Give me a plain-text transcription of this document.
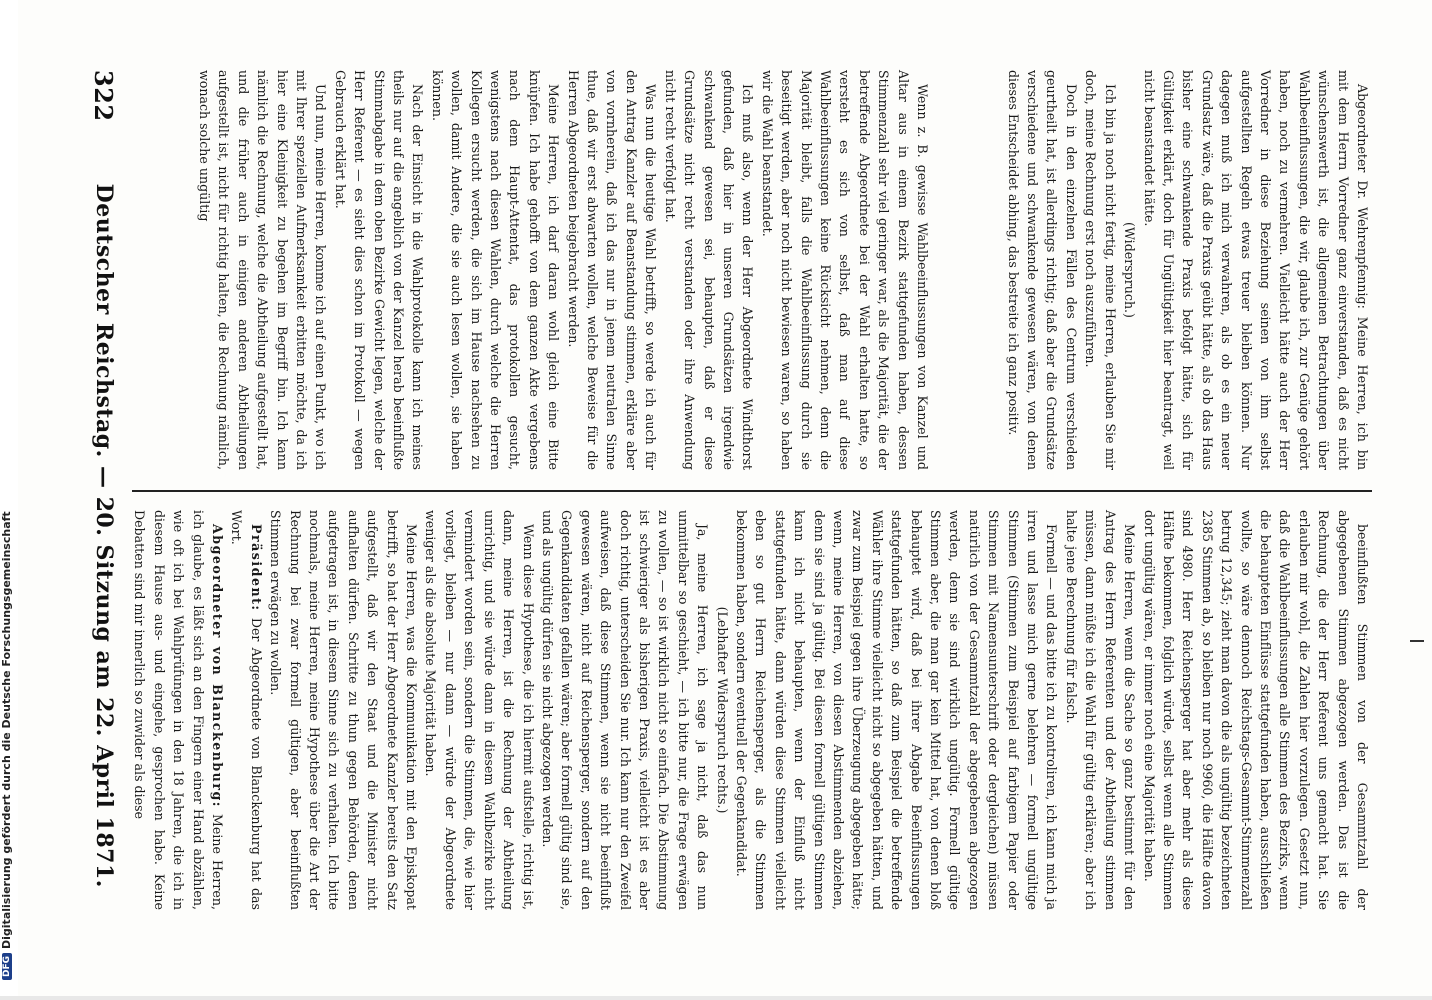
DFG
Digitalisierung gefördert durch die Deutsche Forschungsgemeinschaft
322
Deutscher Reichstag. — 20. Sitzung am 22. April 1871.	Abgeordneter Dr. Wehrenpfennig: Meine Herren, ich bin mit dem Herrn Vorredner ganz einverstanden, daß es nicht wünschenswerth ist, die allgemeinen Betrachtungen über Wahlbeeinflussungen, die wir, glaube ich, zur Genüge gehört haben, noch zu vermehren. Vielleicht hätte auch der Herr Vorredner in diese Beziehung seinen von ihm selbst aufgestellten Regeln etwas treuer bleiben können. Nur dagegen muß ich mich verwahren, als ob es ein neuer Grundsatz wäre, daß die Praxis geübt hätte, als ob das Haus bisher eine schwankende Praxis befolgt hätte, sich für Gültigkeit erklärt, doch für Ungültigkeit hier beantragt, weil nicht beanstandet hätte.

(Widerspruch.)

Ich bin ja noch nicht fertig, meine Herren, erlauben Sie mir doch, meine Rechnung erst noch auszuführen.

Doch in den einzelnen Fällen des Centrum verschieden geurtheilt hat, ist allerdings richtig; daß aber die Grundsätze verschiedene und schwankende gewesen wären, von denen dieses Entscheidet abhing, das bestreite ich ganz positiv.

Wenn z. B. gewisse Wahlbeeinflussungen von Kanzel und Altar aus in einem Bezirk stattgefunden haben, dessen Stimmenzahl sehr viel geringer war, als die Majorität, die der betreffende Abgeordnete bei der Wahl erhalten hatte, so versteht es sich von selbst, daß man auf diese Wahlbeeinflussungen keine Rücksicht nehmen, denn die Majorität bleibt, falls die Wahlbeeinflussung durch sie beseitigt werden, aber noch nicht bewiesen waren, so haben wir die Wahl beanstandet.

Ich muß also, wenn der Herr Abgeordnete Windthorst gefunden, daß hier in unseren Grundsätzen irgendwie schwankend gewesen sei, behaupten, daß er diese Grundsätze nicht recht verstanden oder ihre Anwendung nicht recht verfolgt hat.

Was nun die heutige Wahl betrifft, so werde ich auch für den Antrag Kanzler auf Beanstandung stimmen, erkläre aber von vornherein, daß ich das nur in jenem neutralen Sinne thue, daß wir erst abwarten wollen, welche Beweise für die Herren Abgeordneten beigebracht werden.

Meine Herren, ich darf daran wohl gleich eine Bitte knüpfen. Ich habe gehofft von dem ganzen Akte vergebens nach dem Haupt-Attentat, das protokollen gesucht, wenigstens nach diesen Wahlen, durch welche die Herren Kollegen ersucht werden, die sich im Hause nachsehen zu wollen, damit Andere, die sie auch lesen wollen, sie haben können.

Nach der Einsicht in die Wahlprotokolle kann ich meines theils nur auf die angeblich von der Kanzel herab beeinflußte Stimmabgabe in dem oben Bezirke Gewicht legen, welche der Herr Referent — es sieht dies schon im Protokoll — wegen Gebrauch erklärt hat.

Und nun, meine Herren, komme ich auf einen Punkt, wo ich mit Ihrer speziellen Aufmerksamkeit erbitten möchte, da ich hier eine Kleinigkeit zu begehen im Begriff bin. Ich kann nämlich die Rechnung, welche die Abtheilung aufgestellt hat, und die früher auch in einigen anderen Abtheilungen aufgestellt ist, nicht für richtig halten, die Rechnung nämlich, wonach solche ungültig

beeinflußten Stimmen von der Gesammtzahl der abgegebenen Stimmen abgezogen werden. Das ist die Rechnung, die der Herr Referent uns gemacht hat. Sie erlauben mir wohl, die Zahlen hier vorzulegen. Gesetzt nun, daß die Wahlbeeinflussungen alle Stimmen des Bezirks, wenn die behaupteten Einflüsse stattgefunden haben, ausschließen wollte, so wäre dennoch Reichstags-Gesammt-Stimmenzahl betrug 12,345; zieht man davon die als ungültig bezeichneten 2385 Stimmen ab, so bleiben nur noch 9960, die Hälfte davon sind 4980. Herr Reichensperger hat aber mehr als diese Hälfte bekommen, folglich würde, selbst wenn alle Stimmen dort ungültig wären, er immer noch eine Majorität haben.

Meine Herren, wenn die Sache so ganz bestimmt für den Antrag des Herrn Referenten und der Abtheilung stimmen müssen, dann müßte ich die Wahl für gültig erklären; aber ich halte jene Berechnung für falsch.

Formell — und das bitte ich zu kontroliren, ich kann mich ja irren und lasse mich gerne belehren — formell ungültige Stimmen (Stimmen zum Beispiel auf farbigem Papier oder Stimmen mit Namensunterschrift oder dergleichen) müssen natürlich von der Gesammtzahl der abgegebenen abgezogen werden, denn sie sind wirklich ungültig. Formell gültige Stimmen aber, die man gar kein Mittel hat, von denen bloß behauptet wird, daß bei ihrer Abgabe Beeinflussungen stattgefunden hätten, so daß zum Beispiel die betreffende Wähler ihre Stimme vielleicht nicht so abgegeben hätten, und zwar zum Beispiel gegen ihre Überzeugung abgegeben hätte; wenn, meine Herren, von diesen Abstimmenden abziehen, denn sie sind ja gültig. Bei diesen formell gültigen Stimmen kann ich nicht behaupten, wenn der Einfluß nicht stattgefunden hätte, dann würden diese Stimmen vielleicht eben so gut Herrn Reichensperger, als die Stimmen bekommen haben, sondern eventuell der Gegenkandidat.

(Lebhafter Widerspruch rechts.)

Ja, meine Herren, ich sage ja nicht, daß das nun unmittelbar so geschieht, — ich bitte nur, die Frage erwägen zu wollen, — so ist wirklich nicht so einfach. Die Abstimmung ist schwieriger als bisherigen Praxis, vielleicht ist es aber doch richtig, unterscheiden Sie nur. Ich kann nur den Zweifel aufweisen, daß diese Stimmen, wenn sie nicht beeinflußt gewesen wären, nicht auf Reichensperger, sondern auf den Gegenkandidaten gefallen wären; aber formell gültig sind sie, und als ungültig dürfen sie nicht abgezogen werden.

Wenn diese Hypothese, die ich hiermit aufstelle, richtig ist, dann, meine Herren, ist die Rechnung der Abtheilung unrichtig, und sie würde dann in diesem Wahlbezirke nicht vermindert worden sein, sondern die Stimmen, die, wie hier vorliegt, bleiben — nur dann — würde der Abgeordnete weniger als die absolute Majorität haben.

Meine Herren, was die Kommunikation mit den Episkopat betrifft, so hat der Herr Abgeordnete Kanzler bereits den Satz aufgestellt, daß wir den Staat und die Minister nicht aufhalten dürfen. Schritte zu thun gegen Behörden, denen aufgetragen ist, in diesem Sinne sich zu verhalten. Ich bitte nochmals, meine Herren, meine Hypothese über die Art der Rechnung bei zwar formell gültigen, aber beeinflußten Stimmen erwägen zu wollen.

Präsident: Der Abgeordnete von Blanckenburg hat das Wort.

Abgeordneter von Blanckenburg: Meine Herren, ich glaube, es läßt sich an den Fingern einer Hand abzählen, wie oft ich bei Wahlprüfungen in den 18 Jahren, die ich in diesem Hause aus- und eingehe, gesprochen habe. Keine Debatten sind mir innerlich so zuwider als diese
